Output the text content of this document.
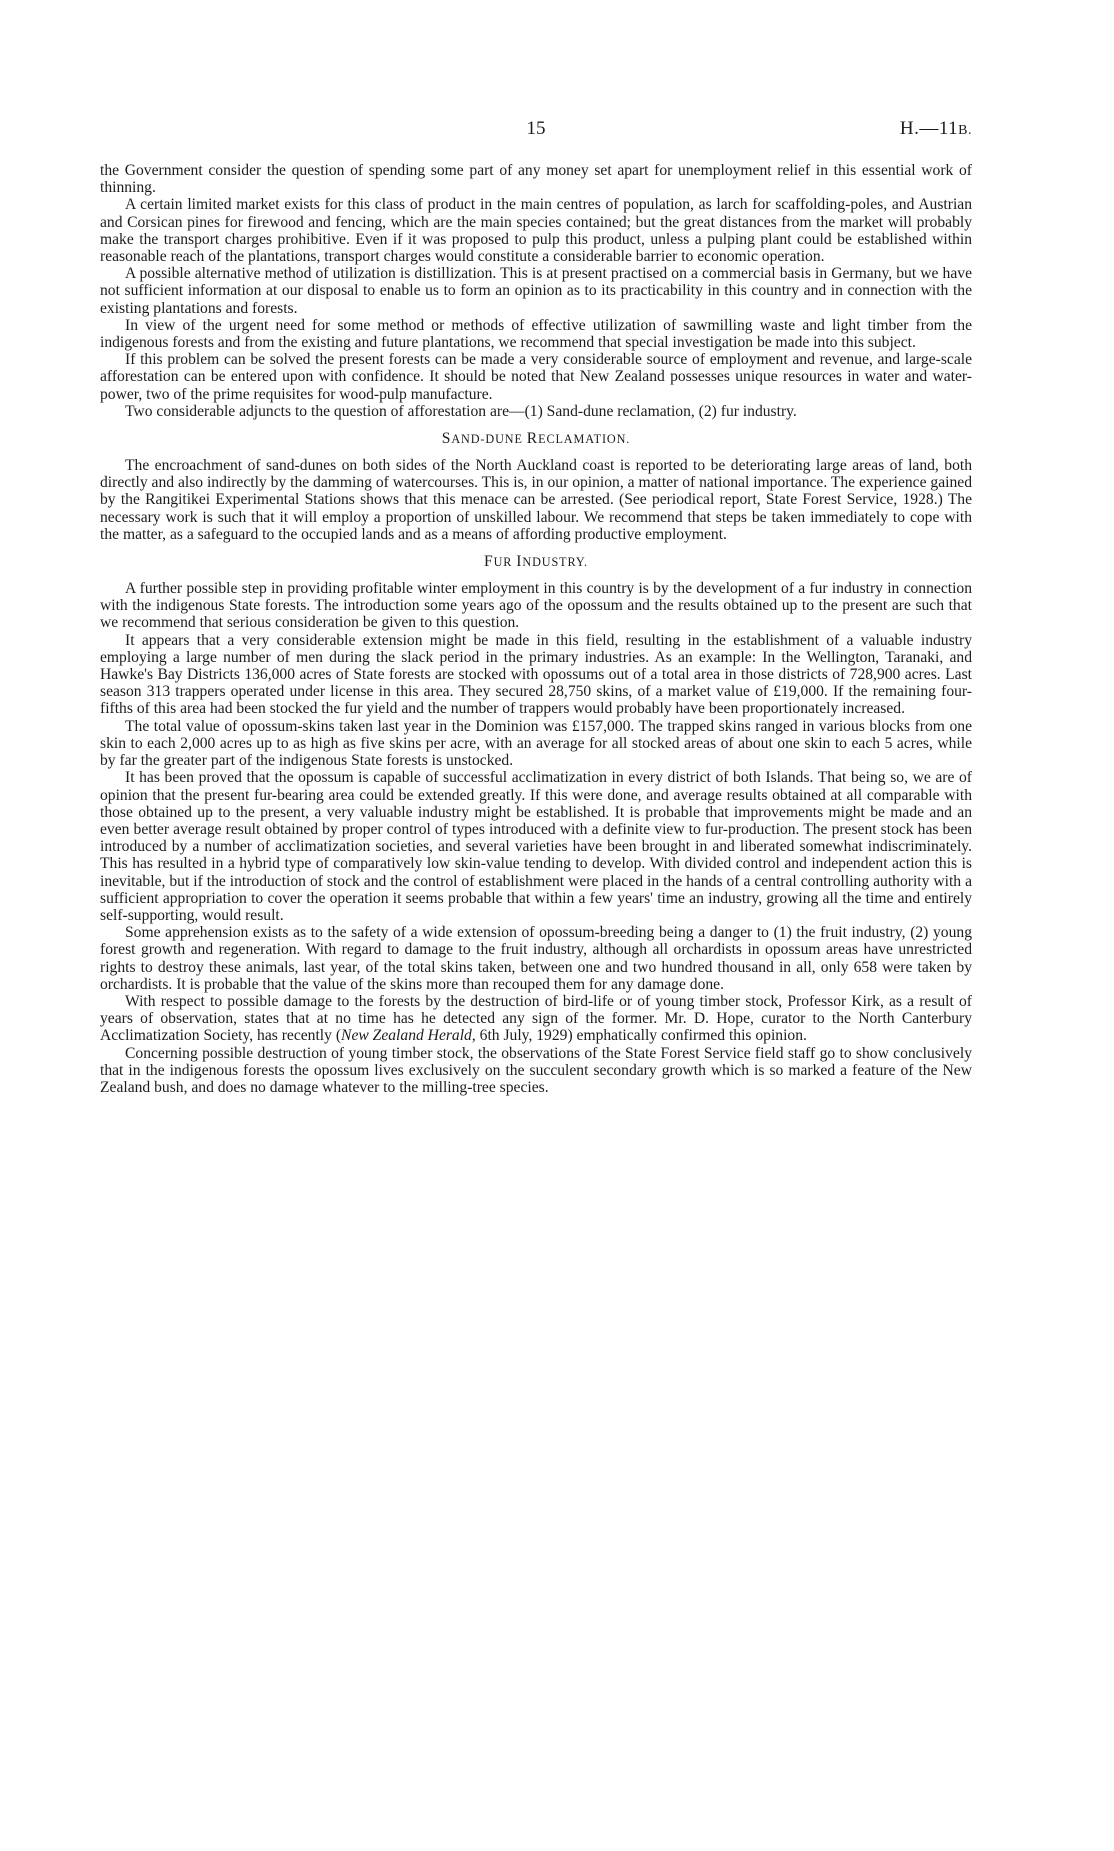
15	H.—11B.

the Government consider the question of spending some part of any money set apart for unemployment relief in this essential work of thinning.

A certain limited market exists for this class of product in the main centres of population, as larch for scaffolding-poles, and Austrian and Corsican pines for firewood and fencing, which are the main species contained; but the great distances from the market will probably make the transport charges prohibitive. Even if it was proposed to pulp this product, unless a pulping plant could be established within reasonable reach of the plantations, transport charges would constitute a considerable barrier to economic operation.

A possible alternative method of utilization is distillization. This is at present practised on a commercial basis in Germany, but we have not sufficient information at our disposal to enable us to form an opinion as to its practicability in this country and in connection with the existing plantations and forests.

In view of the urgent need for some method or methods of effective utilization of sawmilling waste and light timber from the indigenous forests and from the existing and future plantations, we recommend that special investigation be made into this subject.

If this problem can be solved the present forests can be made a very considerable source of employment and revenue, and large-scale afforestation can be entered upon with confidence. It should be noted that New Zealand possesses unique resources in water and water-power, two of the prime requisites for wood-pulp manufacture.

Two considerable adjuncts to the question of afforestation are—(1) Sand-dune reclamation, (2) fur industry.

SAND-DUNE RECLAMATION.

The encroachment of sand-dunes on both sides of the North Auckland coast is reported to be deteriorating large areas of land, both directly and also indirectly by the damming of watercourses. This is, in our opinion, a matter of national importance. The experience gained by the Rangitikei Experimental Stations shows that this menace can be arrested. (See periodical report, State Forest Service, 1928.) The necessary work is such that it will employ a proportion of unskilled labour. We recommend that steps be taken immediately to cope with the matter, as a safeguard to the occupied lands and as a means of affording productive employment.

FUR INDUSTRY.

A further possible step in providing profitable winter employment in this country is by the development of a fur industry in connection with the indigenous State forests. The introduction some years ago of the opossum and the results obtained up to the present are such that we recommend that serious consideration be given to this question.

It appears that a very considerable extension might be made in this field, resulting in the establishment of a valuable industry employing a large number of men during the slack period in the primary industries. As an example: In the Wellington, Taranaki, and Hawke's Bay Districts 136,000 acres of State forests are stocked with opossums out of a total area in those districts of 728,900 acres. Last season 313 trappers operated under license in this area. They secured 28,750 skins, of a market value of £19,000. If the remaining four-fifths of this area had been stocked the fur yield and the number of trappers would probably have been proportionately increased.

The total value of opossum-skins taken last year in the Dominion was £157,000. The trapped skins ranged in various blocks from one skin to each 2,000 acres up to as high as five skins per acre, with an average for all stocked areas of about one skin to each 5 acres, while by far the greater part of the indigenous State forests is unstocked.

It has been proved that the opossum is capable of successful acclimatization in every district of both Islands. That being so, we are of opinion that the present fur-bearing area could be extended greatly. If this were done, and average results obtained at all comparable with those obtained up to the present, a very valuable industry might be established. It is probable that improvements might be made and an even better average result obtained by proper control of types introduced with a definite view to fur-production. The present stock has been introduced by a number of acclimatization societies, and several varieties have been brought in and liberated somewhat indiscriminately. This has resulted in a hybrid type of comparatively low skin-value tending to develop. With divided control and independent action this is inevitable, but if the introduction of stock and the control of establishment were placed in the hands of a central controlling authority with a sufficient appropriation to cover the operation it seems probable that within a few years' time an industry, growing all the time and entirely self-supporting, would result.

Some apprehension exists as to the safety of a wide extension of opossum-breeding being a danger to (1) the fruit industry, (2) young forest growth and regeneration. With regard to damage to the fruit industry, although all orchardists in opossum areas have unrestricted rights to destroy these animals, last year, of the total skins taken, between one and two hundred thousand in all, only 658 were taken by orchardists. It is probable that the value of the skins more than recouped them for any damage done.

With respect to possible damage to the forests by the destruction of bird-life or of young timber stock, Professor Kirk, as a result of years of observation, states that at no time has he detected any sign of the former. Mr. D. Hope, curator to the North Canterbury Acclimatization Society, has recently (New Zealand Herald, 6th July, 1929) emphatically confirmed this opinion.

Concerning possible destruction of young timber stock, the observations of the State Forest Service field staff go to show conclusively that in the indigenous forests the opossum lives exclusively on the succulent secondary growth which is so marked a feature of the New Zealand bush, and does no damage whatever to the milling-tree species.
